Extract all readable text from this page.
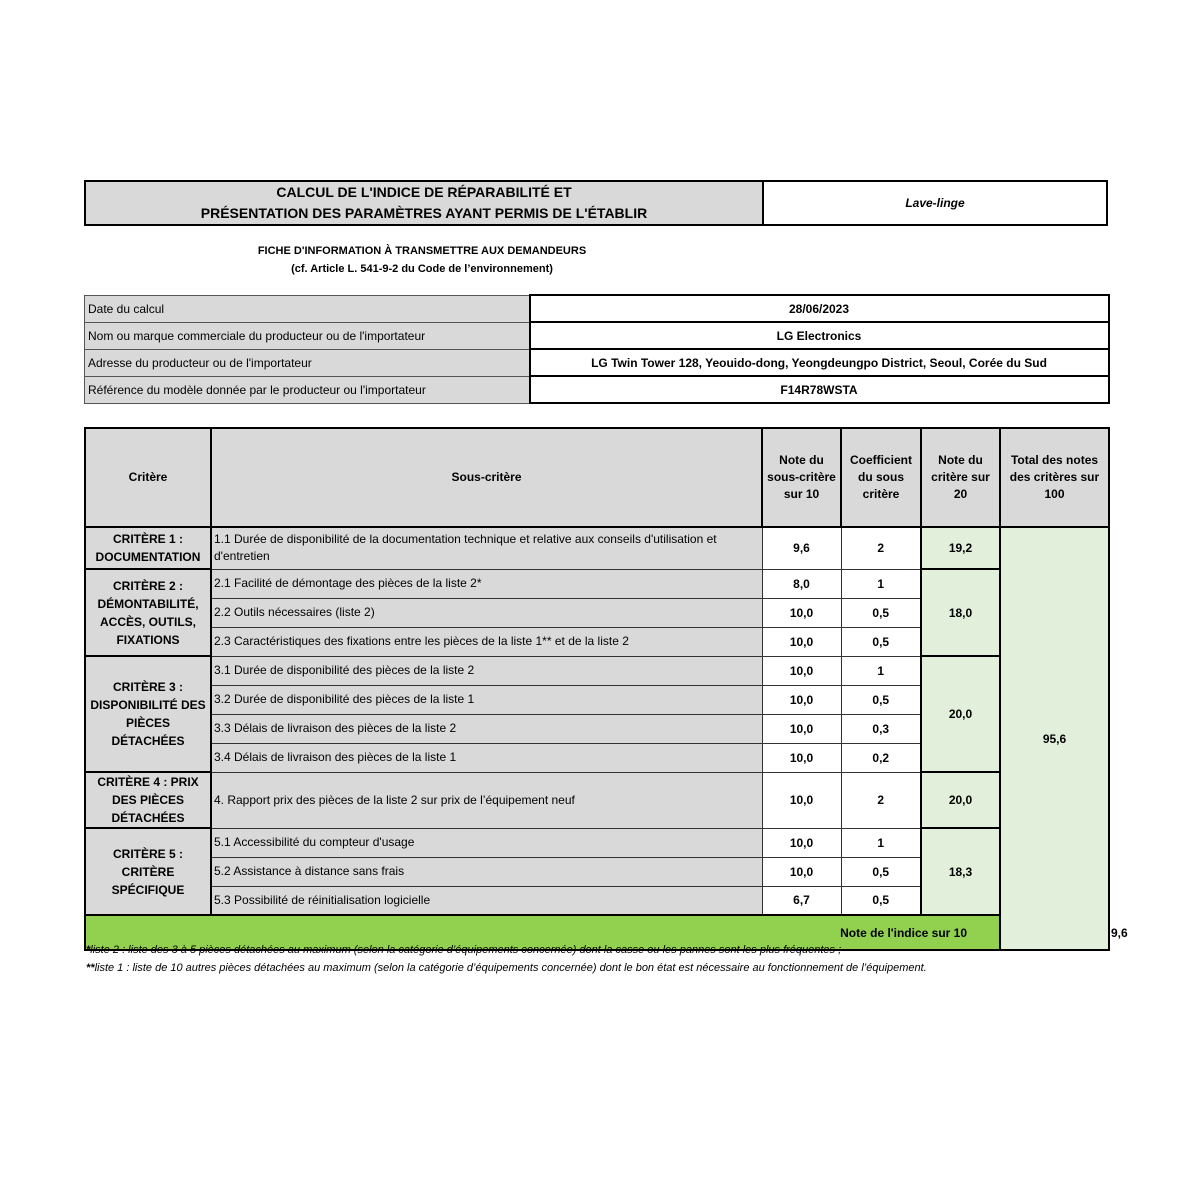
CALCUL DE L'INDICE DE RÉPARABILITÉ ET
PRÉSENTATION DES PARAMÈTRES AYANT PERMIS DE L'ÉTABLIR
Lave-linge
FICHE D'INFORMATION À TRANSMETTRE AUX DEMANDEURS
(cf. Article L. 541-9-2 du Code de l’environnement)
Date du calcul	28/06/2023
Nom ou marque commerciale du producteur ou de l'importateur	LG Electronics
Adresse du producteur ou de l'importateur	LG Twin Tower 128, Yeouido-dong, Yeongdeungpo District, Seoul, Corée du Sud
Référence du modèle donnée par le producteur ou l'importateur	F14R78WSTA
Critère	Sous-critère	Note du sous-critère sur 10	Coefficient du sous critère	Note du critère sur 20	Total des notes des critères sur 100	
CRITÈRE 1 : DOCUMENTATION	1.1 Durée de disponibilité de la documentation technique et relative aux conseils d'utilisation et d'entretien	9,6	2	19,2	95,6	
CRITÈRE 2 : DÉMONTABILITÉ, ACCÈS, OUTILS, FIXATIONS	2.1 Facilité de démontage des pièces de la liste 2*	8,0	1	18,0		
	2.2 Outils nécessaires (liste 2)	10,0	0,5			
	2.3 Caractéristiques des fixations entre les pièces de la liste 1** et de la liste 2	10,0	0,5			
CRITÈRE 3 : DISPONIBILITÉ DES PIÈCES DÉTACHÉES	3.1 Durée de disponibilité des pièces de la liste 2	10,0	1	20,0		
	3.2 Durée de disponibilité des pièces de la liste 1	10,0	0,5			
	3.3 Délais de livraison des pièces de la liste 2	10,0	0,3			
	3.4 Délais de livraison des pièces de la liste 1	10,0	0,2			
CRITÈRE 4 : PRIX DES PIÈCES DÉTACHÉES	4. Rapport prix des pièces de la liste 2 sur prix de l’équipement neuf	10,0	2	20,0		
CRITÈRE 5 : CRITÈRE SPÉCIFIQUE	5.1 Accessibilité du compteur d'usage	10,0	1	18,3		
	5.2 Assistance à distance sans frais	10,0	0,5			
	5.3 Possibilité de réinitialisation logicielle	6,7	0,5			
Note de l'indice sur 10						9,6
*liste 2 : liste des 3 à 5 pièces détachées au maximum (selon la catégorie d’équipements concernée) dont la casse ou les pannes sont les plus fréquentes ;
**liste 1 : liste de 10 autres pièces détachées au maximum (selon la catégorie d’équipements concernée) dont le bon état est nécessaire au fonctionnement de l’équipement.
